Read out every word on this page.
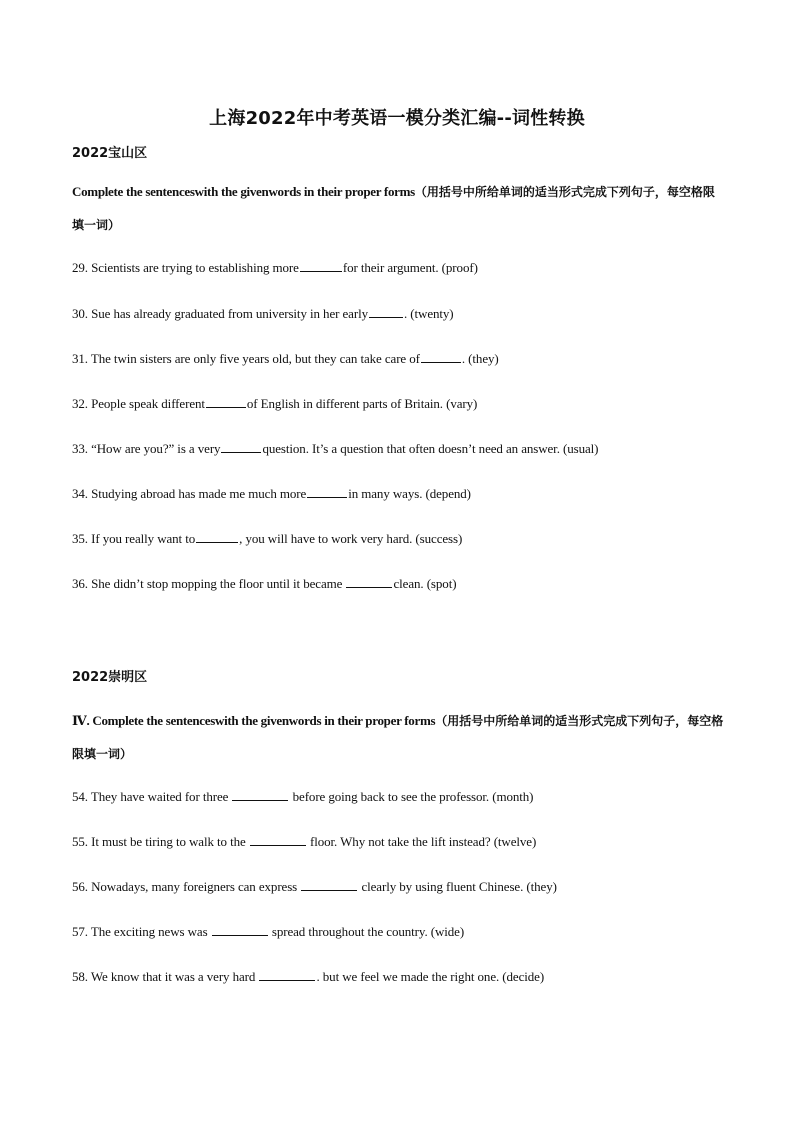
上海2022年中考英语一模分类汇编--词性转换

2022宝山区

Complete the sentenceswith the givenwords in their proper forms（用括号中所给单词的适当形式完成下列句子，每空格限填一词）

29. Scientists are trying to establishing more	for their argument. (proof)

30. Sue has already graduated from university in her early	. (twenty)

31. The twin sisters are only five years old, but they can take care of	. (they)

32. People speak different	of English in different parts of Britain. (vary)

33. “How are you?” is a very	question. It’s a question that often doesn’t need an answer. (usual)

34. Studying abroad has made me much more	in many ways. (depend)

35. If you really want to	, you will have to work very hard. (success)

36. She didn’t stop mopping the floor until it became	clean. (spot)

2022崇明区

Ⅳ. Complete the sentenceswith the givenwords in their proper forms（用括号中所给单词的适当形式完成下列句子，每空格限填一词）

54. They have waited for three	before going back to see the professor. (month)

55. It must be tiring to walk to the	floor. Why not take the lift instead? (twelve)

56. Nowadays, many foreigners can express	clearly by using fluent Chinese. (they)

57. The exciting news was	spread throughout the country. (wide)

58. We know that it was a very hard	. but we feel we made the right one. (decide)
